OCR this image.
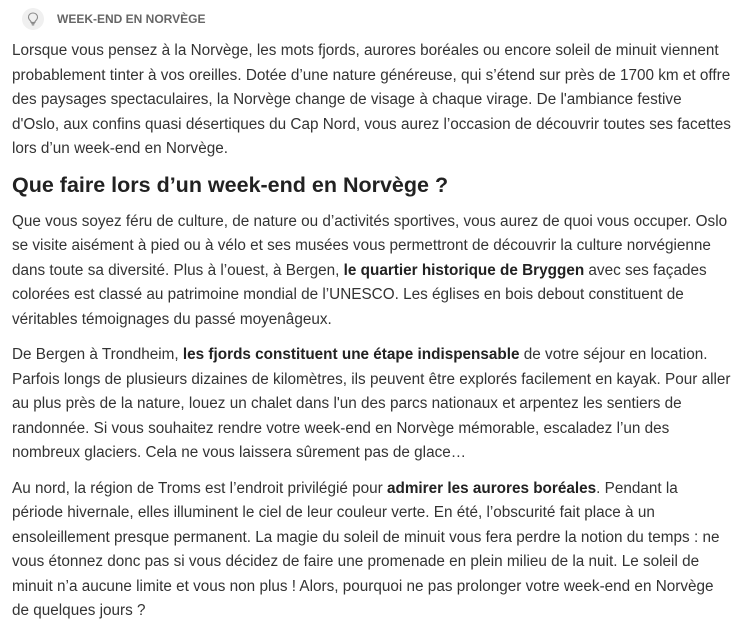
WEEK-END EN NORVÈGE

Lorsque vous pensez à la Norvège, les mots fjords, aurores boréales ou encore soleil de minuit viennent probablement tinter à vos oreilles. Dotée d’une nature généreuse, qui s’étend sur près de 1700 km et offre des paysages spectaculaires, la Norvège change de visage à chaque virage. De l'ambiance festive d'Oslo, aux confins quasi désertiques du Cap Nord, vous aurez l’occasion de découvrir toutes ses facettes lors d’un week-end en Norvège.

Que faire lors d’un week-end en Norvège ?

Que vous soyez féru de culture, de nature ou d’activités sportives, vous aurez de quoi vous occuper. Oslo se visite aisément à pied ou à vélo et ses musées vous permettront de découvrir la culture norvégienne dans toute sa diversité. Plus à l’ouest, à Bergen, le quartier historique de Bryggen avec ses façades colorées est classé au patrimoine mondial de l’UNESCO. Les églises en bois debout constituent de véritables témoignages du passé moyenâgeux.

De Bergen à Trondheim, les fjords constituent une étape indispensable de votre séjour en location. Parfois longs de plusieurs dizaines de kilomètres, ils peuvent être explorés facilement en kayak. Pour aller au plus près de la nature, louez un chalet dans l'un des parcs nationaux et arpentez les sentiers de randonnée. Si vous souhaitez rendre votre week-end en Norvège mémorable, escaladez l’un des nombreux glaciers. Cela ne vous laissera sûrement pas de glace…

Au nord, la région de Troms est l’endroit privilégié pour admirer les aurores boréales. Pendant la période hivernale, elles illuminent le ciel de leur couleur verte. En été, l’obscurité fait place à un ensoleillement presque permanent. La magie du soleil de minuit vous fera perdre la notion du temps : ne vous étonnez donc pas si vous décidez de faire une promenade en plein milieu de la nuit. Le soleil de minuit n’a aucune limite et vous non plus ! Alors, pourquoi ne pas prolonger votre week-end en Norvège de quelques jours ?
